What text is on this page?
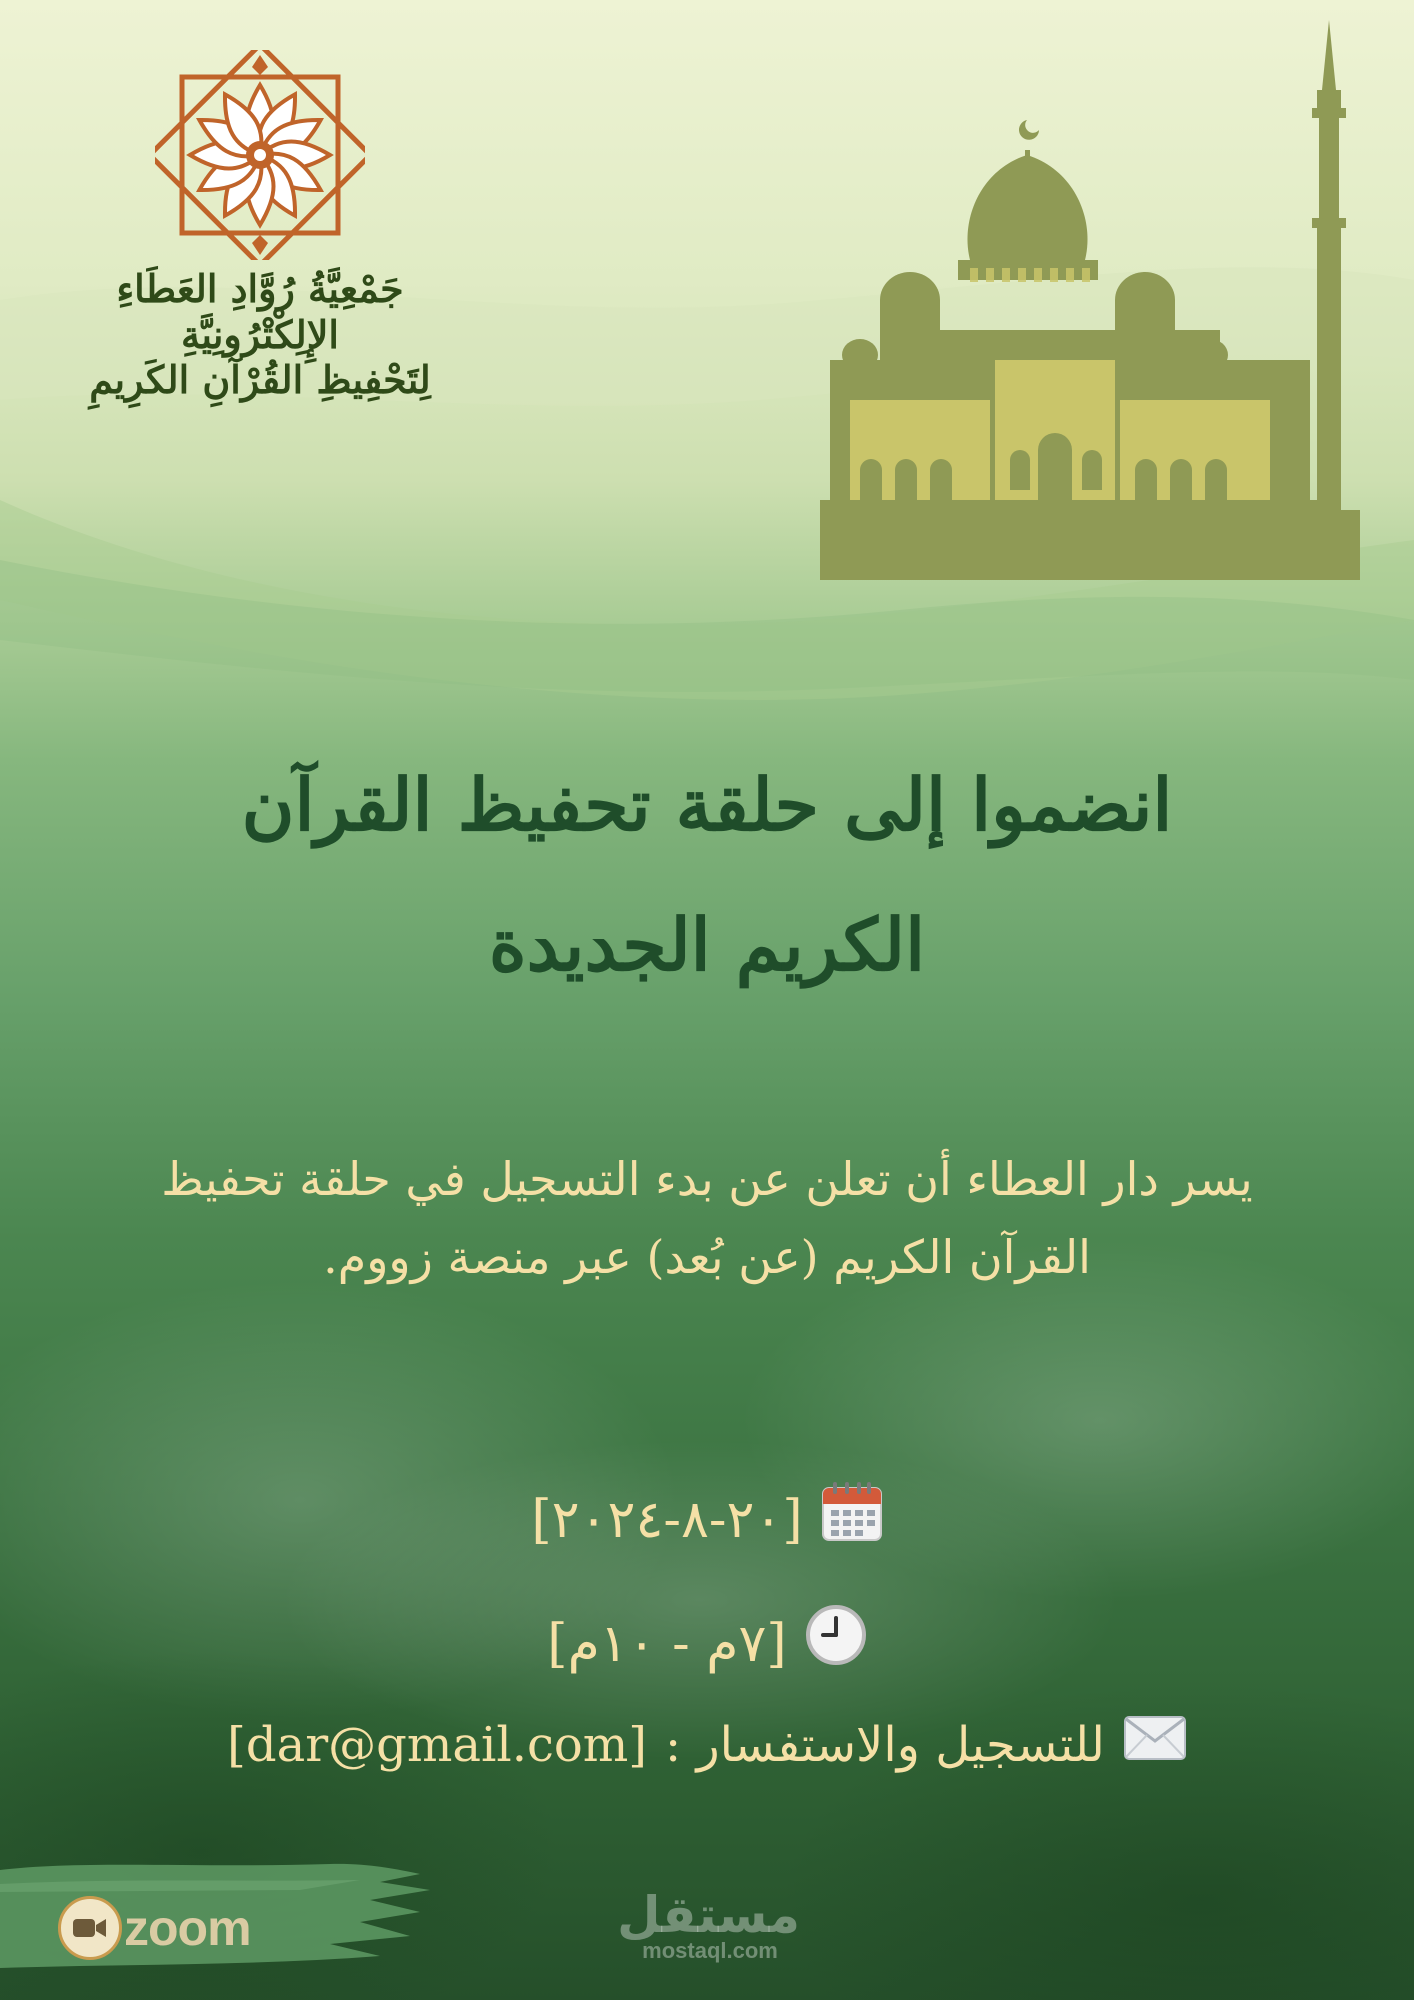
جَمْعِيَّةُ رُوَّادِ العَطَاءِ الإِلِكْتْرُونِيَّةِ
لِتَحْفِيظِ القُرْآنِ الكَرِيمِ
انضموا إلى حلقة تحفيظ القرآن
الكريم الجديدة
يسر دار العطاء أن تعلن عن بدء التسجيل في حلقة تحفيظ
القرآن الكريم (عن بُعد) عبر منصة زووم.
[٢٠-٨-٢٠٢٤]
[٧م - ١٠م]
للتسجيل والاستفسار :
[dar@gmail.com]
zoom	مستقل
mostaql.com
